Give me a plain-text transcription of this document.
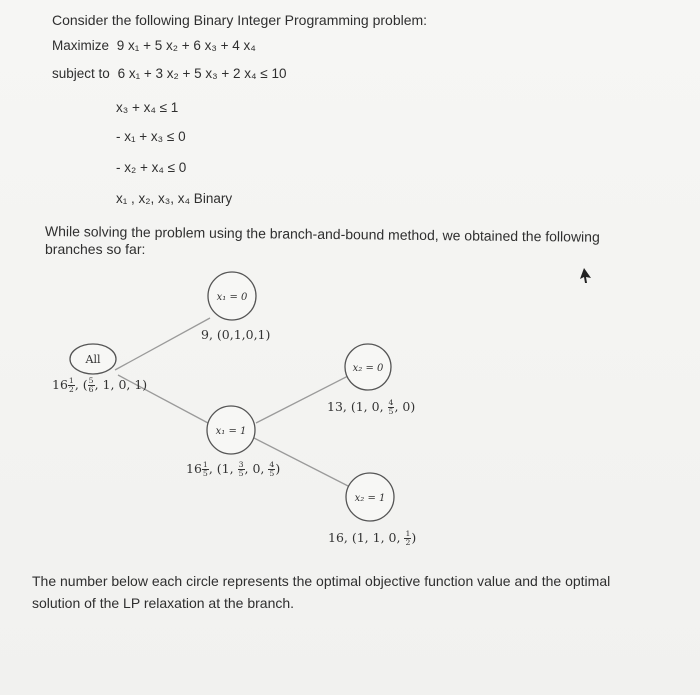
Consider the following Binary Integer Programming problem:
Maximize 9 x₁ + 5 x₂ + 6 x₃ + 4 x₄
subject to 6 x₁ + 3 x₂ + 5 x₃ + 2 x₄ ≤ 10
x₃ + x₄ ≤ 1
- x₁ + x₃ ≤ 0
- x₂ + x₄ ≤ 0
x₁ , x₂, x₃, x₄ Binary
While solving the problem using the branch-and-bound method, we obtained the following
branches so far:
All
x₁ = 0
x₁ = 1
x₂ = 0
x₂ = 1
$16 \frac{1}{2}$ , ( $\frac{5}{6}$ , 1, 0, 1)
9, (0,1,0,1)
$16 \frac{1}{5}$ , (1, $\frac{3}{5}$ , 0, $\frac{4}{5}$ )
13, (1, 0, $\frac{4}{5}$ , 0)
16, (1, 1, 0, $\frac{1}{2}$ )
The number below each circle represents the optimal objective function value and the optimal
solution of the LP relaxation at the branch.
